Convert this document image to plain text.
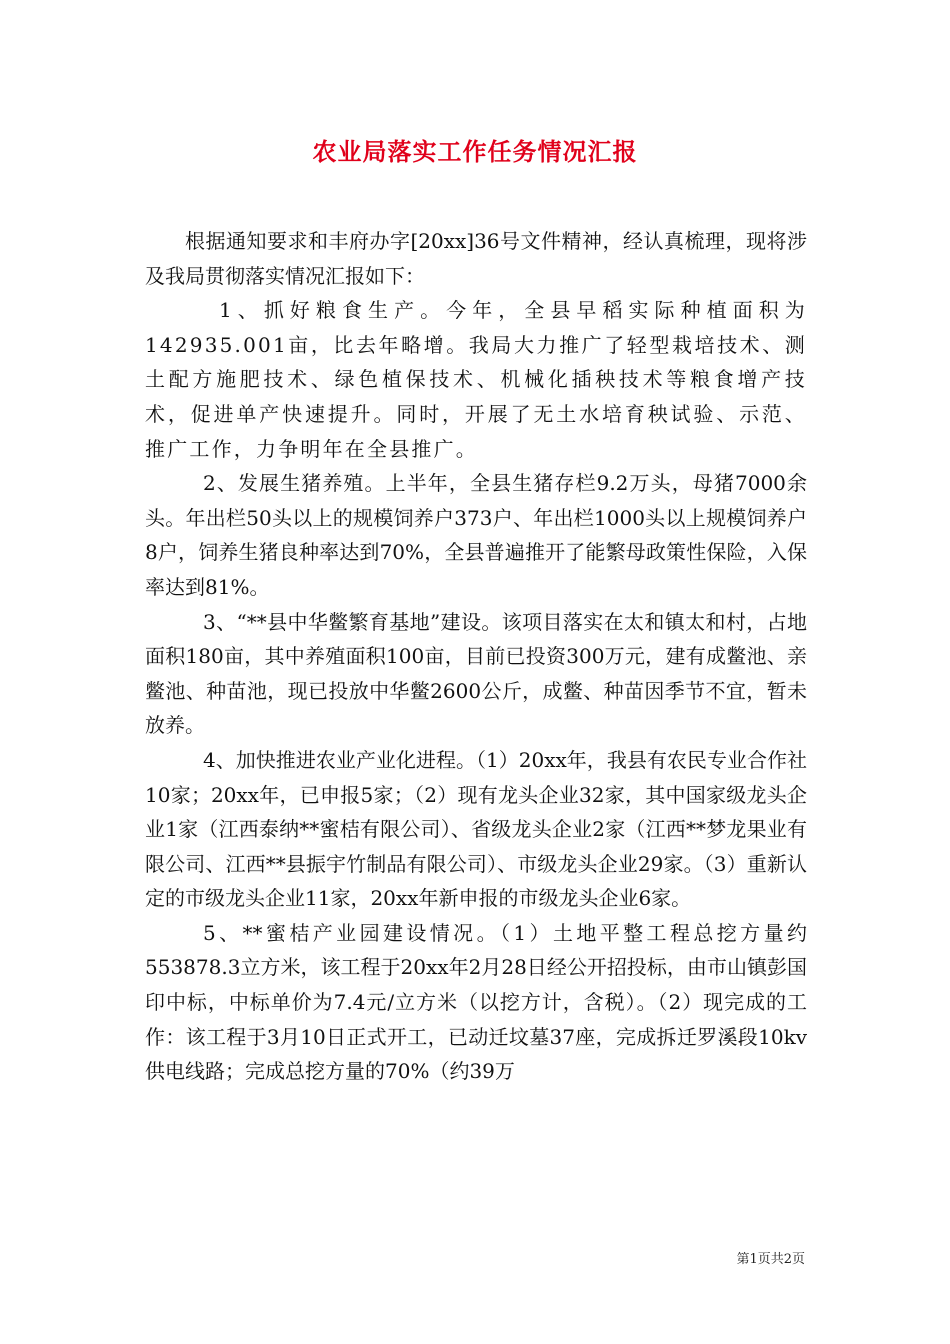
农业局落实工作任务情况汇报

根据通知要求和丰府办字[20xx]36号文件精神，经认真梳理，现将涉及我局贯彻落实情况汇报如下：

1、抓好粮食生产。今年，全县早稻实际种植面积为142935.001亩，比去年略增。我局大力推广了轻型栽培技术、测土配方施肥技术、绿色植保技术、机械化插秧技术等粮食增产技术，促进单产快速提升。同时，开展了无土水培育秧试验、示范、推广工作，力争明年在全县推广。

2、发展生猪养殖。上半年，全县生猪存栏9.2万头，母猪7000余头。年出栏50头以上的规模饲养户373户、年出栏1000头以上规模饲养户8户，饲养生猪良种率达到70%，全县普遍推开了能繁母政策性保险，入保率达到81%。

3、“**县中华鳖繁育基地”建设。该项目落实在太和镇太和村，占地面积180亩，其中养殖面积100亩，目前已投资300万元，建有成鳖池、亲鳖池、种苗池，现已投放中华鳖2600公斤，成鳖、种苗因季节不宜，暂未放养。

4、加快推进农业产业化进程。（1）20xx年，我县有农民专业合作社10家；20xx年，已申报5家；（2）现有龙头企业32家，其中国家级龙头企业1家（江西泰纳**蜜桔有限公司）、省级龙头企业2家（江西**梦龙果业有限公司、江西**县振宇竹制品有限公司）、市级龙头企业29家。（3）重新认定的市级龙头企业11家，20xx年新申报的市级龙头企业6家。

5、**蜜桔产业园建设情况。（1）土地平整工程总挖方量约553878.3立方米，该工程于20xx年2月28日经公开招投标，由市山镇彭国印中标，中标单价为7.4元/立方米（以挖方计，含税）。（2）现完成的工作：该工程于3月10日正式开工，已动迁坟墓37座，完成拆迁罗溪段10kv供电线路；完成总挖方量的70%（约39万

第1页共2页
